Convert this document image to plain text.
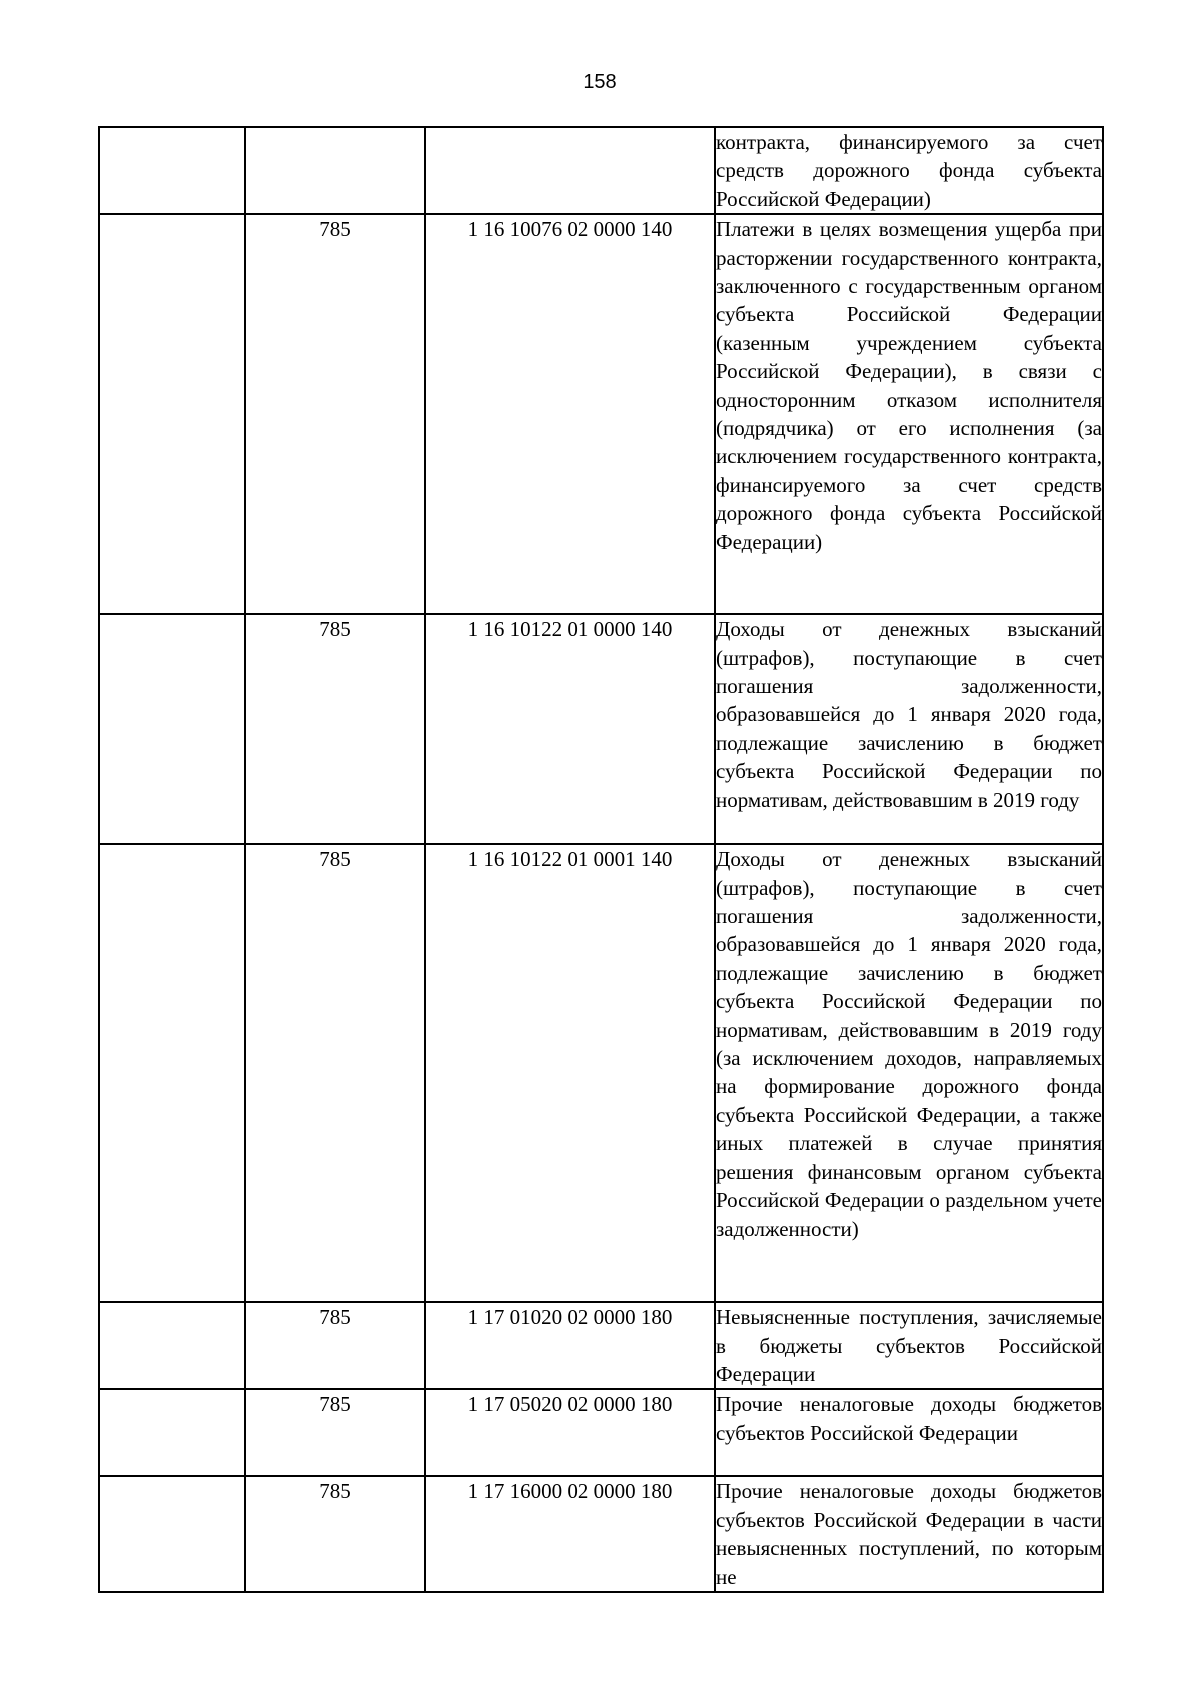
158
			контракта, финансируемого за счет средств дорожного фонда субъекта Российской Федерации)
	785	1 16 10076 02 0000 140	Платежи в целях возмещения ущерба при расторжении государственного контракта, заключенного с государственным органом субъекта Российской Федерации (казенным учреждением субъекта Российской Федерации), в связи с односторонним отказом исполнителя (подрядчика) от его исполнения (за исключением государственного контракта, финансируемого за счет средств дорожного фонда субъекта Российской Федерации)
	785	1 16 10122 01 0000 140	Доходы от денежных взысканий (штрафов), поступающие в счет погашения задолженности, образовавшейся до 1 января 2020 года, подлежащие зачислению в бюджет субъекта Российской Федерации по нормативам, действовавшим в 2019 году
	785	1 16 10122 01 0001 140	Доходы от денежных взысканий (штрафов), поступающие в счет погашения задолженности, образовавшейся до 1 января 2020 года, подлежащие зачислению в бюджет субъекта Российской Федерации по нормативам, действовавшим в 2019 году (за исключением доходов, направляемых на формирование дорожного фонда субъекта Российской Федерации, а также иных платежей в случае принятия решения финансовым органом субъекта Российской Федерации о раздельном учете задолженности)
	785	1 17 01020 02 0000 180	Невыясненные поступления, зачисляемые в бюджеты субъектов Российской Федерации
	785	1 17 05020 02 0000 180	Прочие неналоговые доходы бюджетов субъектов Российской Федерации
	785	1 17 16000 02 0000 180	Прочие неналоговые доходы бюджетов субъектов Российской Федерации в части невыясненных поступлений, по которым не
